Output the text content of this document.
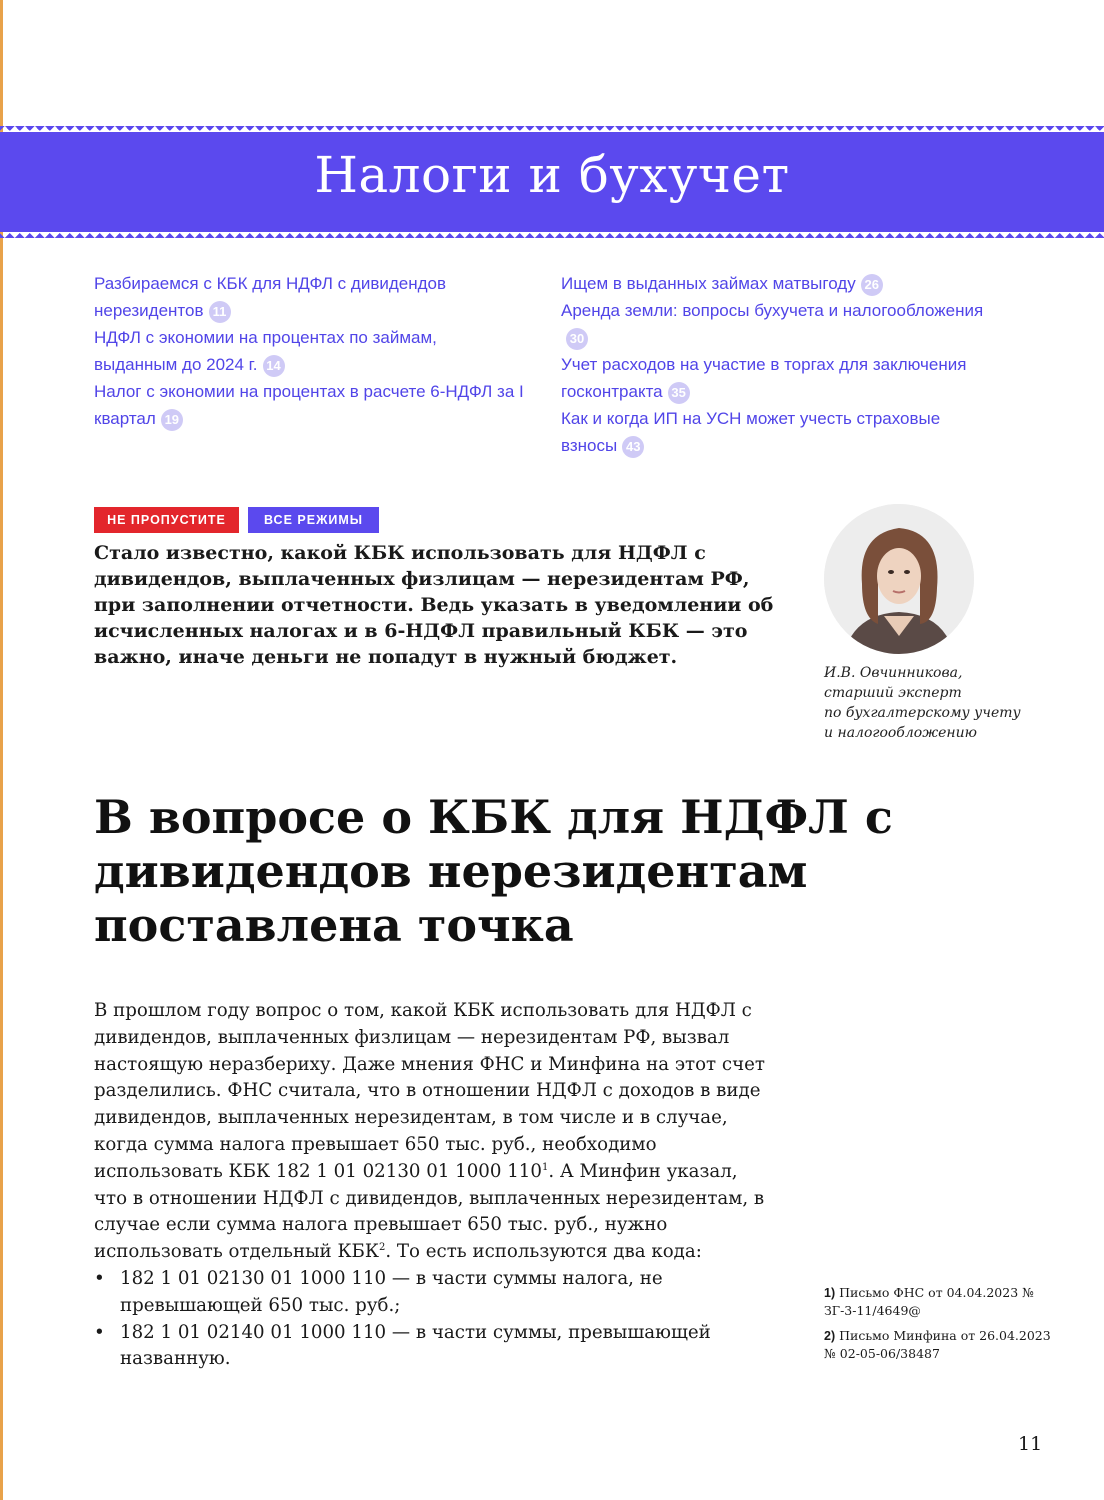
Налоги и бухучет
Разбираемся с КБК для НДФЛ с дивидендов нерезидентов 11
НДФЛ с экономии на процентах по займам, выданным до 2024 г. 14
Налог с экономии на процентах в расчете 6-НДФЛ за I квартал 19
Ищем в выданных займах матвыгоду 26
Аренда земли: вопросы бухучета и налогообложения30
Учет расходов на участие в торгах для заключения госконтракта 35
Как и когда ИП на УСН может учесть страховые взносы 43
НЕ ПРОПУСТИТЕ	ВСЕ РЕЖИМЫ

Стало известно, какой КБК использовать для НДФЛ с дивидендов, выплаченных физлицам — нерезидентам РФ, при заполнении отчетности. Ведь указать в уведомлении об исчисленных налогах и в 6-НДФЛ правильный КБК — это важно, иначе деньги не попадут в нужный бюджет.

И.В. Овчинникова,
старший эксперт
по бухгалтерскому учету
и налогообложению
В вопросе о КБК для НДФЛ с дивидендов нерезидентам поставлена точка

В прошлом году вопрос о том, какой КБК использовать для НДФЛ с дивидендов, выплаченных физлицам — нерезидентам РФ, вызвал настоящую неразбериху. Даже мнения ФНС и Минфина на этот счет разделились. ФНС считала, что в отношении НДФЛ с доходов в виде дивидендов, выплаченных нерезидентам, в том числе и в случае, когда сумма налога превышает 650 тыс. руб., необходимо использовать КБК 182 1 01 02130 01 1000 $110^1$. А Минфин указал, что в отношении НДФЛ с дивидендов, выплаченных нерезидентам, в случае если сумма налога превышает 650 тыс. руб., нужно использовать отдельный КБК$^2$. То есть используются два кода:

• 182 1 01 02130 01 1000 110 — в части суммы налога, не превышающей 650 тыс. руб.;
• 182 1 01 02140 01 1000 110 — в части суммы, превышающей названную.
1) Письмо ФНС от 04.04.2023 № ЗГ-3-11/4649@
2) Письмо Минфина от 26.04.2023 № 02-05-06/38487
11
